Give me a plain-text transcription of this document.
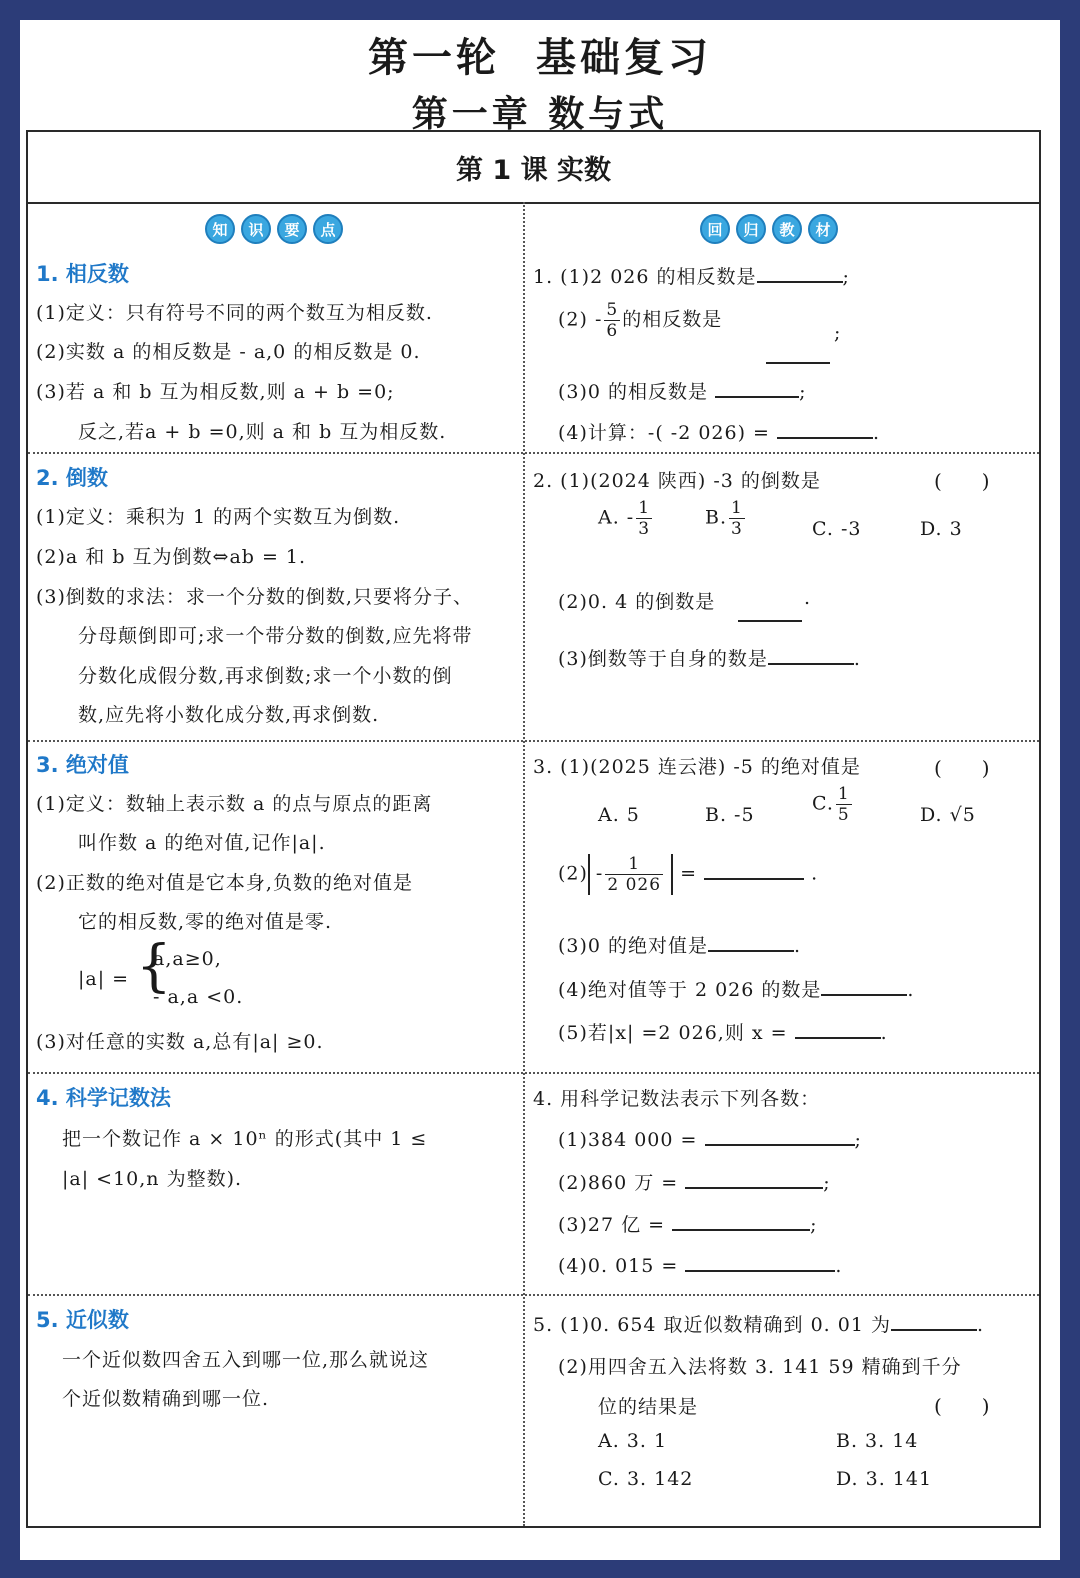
第一轮 基础复习
第一章 数与式
第 1 课 实数
知	识	要	点	回	归	教	材
1. 相反数
(1)定义：只有符号不同的两个数互为相反数.
(2)实数 a 的相反数是 - a,0 的相反数是 0.
(3)若 a 和 b 互为相反数,则 a + b =0;
反之,若a + b =0,则 a 和 b 互为相反数.
2. 倒数
(1)定义：乘积为 1 的两个实数互为倒数.
(2)a 和 b 互为倒数⇔ab = 1.
(3)倒数的求法：求一个分数的倒数,只要将分子、
分母颠倒即可;求一个带分数的倒数,应先将带
分数化成假分数,再求倒数;求一个小数的倒
数,应先将小数化成分数,再求倒数.
3. 绝对值
(1)定义：数轴上表示数 a 的点与原点的距离
叫作数 a 的绝对值,记作|a|.
(2)正数的绝对值是它本身,负数的绝对值是
它的相反数,零的绝对值是零.
|a| = {
a,a≥0,
- a,a <0.
(3)对任意的实数 a,总有|a| ≥0.
4. 科学记数法
把一个数记作 a × 10ⁿ 的形式(其中 1 ≤
|a| <10,n 为整数).
5. 近似数
一个近似数四舍五入到哪一位,那么就说这
个近似数精确到哪一位.
1. (1)2 026 的相反数是	;
$(2) - \frac{5}{6}$ 的相反数是
;
(3)0 的相反数是	;
(4)计算：-( -2 026) =	.
2. (1)(2024 陕西) -3 的倒数是	(　　)
A. - $\frac{1}{3}$	B. $\frac{1}{3}$	C. -3	D. 3
(2)0. 4 的倒数是	.
(3)倒数等于自身的数是	.
3. (1)(2025 连云港) -5 的绝对值是	(　　)
A. 5	B. -5
C. $\frac{1}{5}$	D. √5
$(2) - \frac{1}{2 026}$ =	.
(3)0 的绝对值是	.
(4)绝对值等于 2 026 的数是	.
(5)若|x| =2 026,则 x =	.
4. 用科学记数法表示下列各数：
(1)384 000 =	;
(2)860 万 =	;
(3)27 亿 =	;
(4)0. 015 =	.
5. (1)0. 654 取近似数精确到 0. 01 为	.
(2)用四舍五入法将数 3. 141 59 精确到千分
位的结果是	(　　)
A. 3. 1	B. 3. 14
C. 3. 142	D. 3. 141
